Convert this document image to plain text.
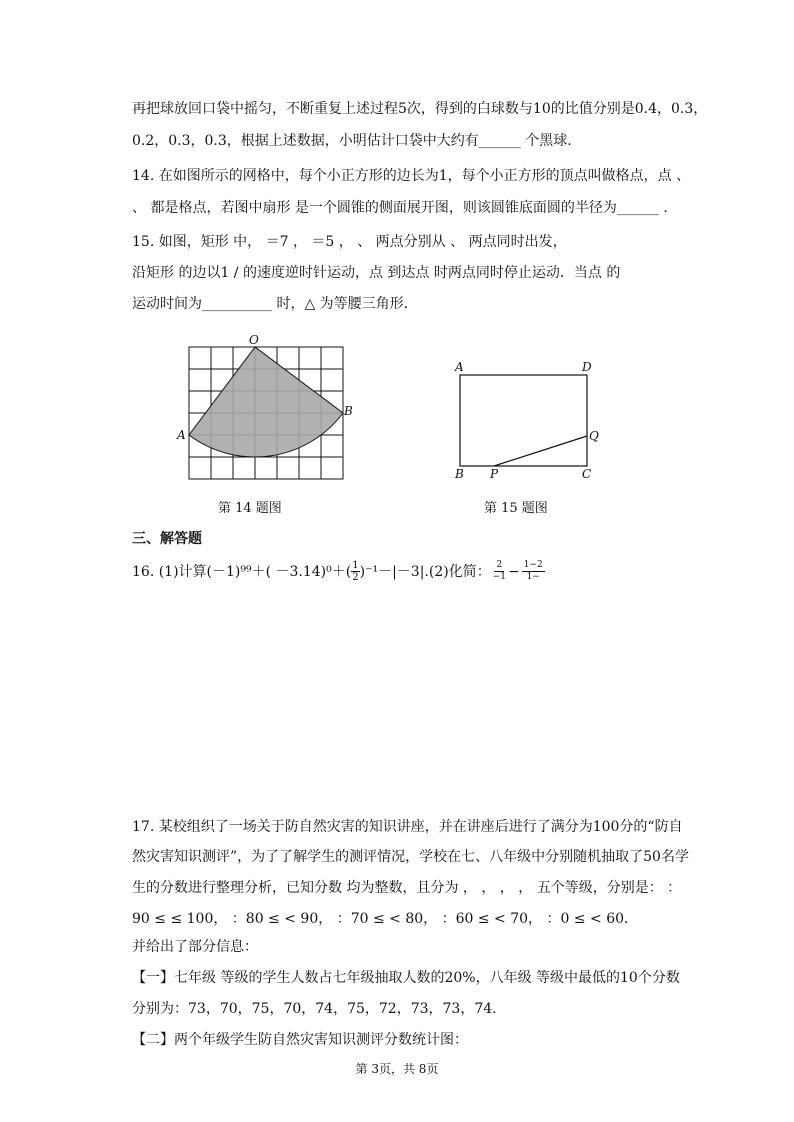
再把球放回口袋中摇匀，不断重复上述过程5次，得到的白球数与10的比值分别是0.4，0.3，
0.2，0.3，0.3，根据上述数据，小明估计口袋中大约有______ 个黑球.
14. 在如图所示的网格中，每个小正方形的边长为1，每个小正方形的顶点叫做格点，点 、
、 都是格点，若图中扇形 是一个圆锥的侧面展开图，则该圆锥底面圆的半径为______ .
15. 如图，矩形 中， ＝7 ， ＝5 ， 、 两点分别从 、 两点同时出发，
沿矩形 的边以1 / 的速度逆时针运动，点 到达点 时两点同时停止运动．当点 的
运动时间为__________ 时，△ 为等腰三角形.
O
A
B
第 14 题图
A	D
B	C
P
Q
第 15 题图
三、解答题
16. (1)计算(－1)⁹⁹＋( －3.14)⁰＋( 1
2 )⁻¹－|－3|.(2)化简： 2
$-1 - \frac{1-2}{1-}$
17. 某校组织了一场关于防自然灾害的知识讲座，并在讲座后进行了满分为100分的“防自
然灾害知识测评”，为了了解学生的测评情况，学校在七、八年级中分别随机抽取了50名学
生的分数进行整理分析，已知分数 均为整数，且分为 ， ， ， ， 五个等级，分别是： ：
90 ≤ ≤ 100， ：80 ≤ < 90， ：70 ≤ < 80， ：60 ≤ < 70， ：0 ≤ < 60．
并给出了部分信息：
【一】七年级 等级的学生人数占七年级抽取人数的20%，八年级 等级中最低的10个分数
分别为：73，70，75，70，74，75，72，73，73，74．
【二】两个年级学生防自然灾害知识测评分数统计图：
第 3页，共 8页
